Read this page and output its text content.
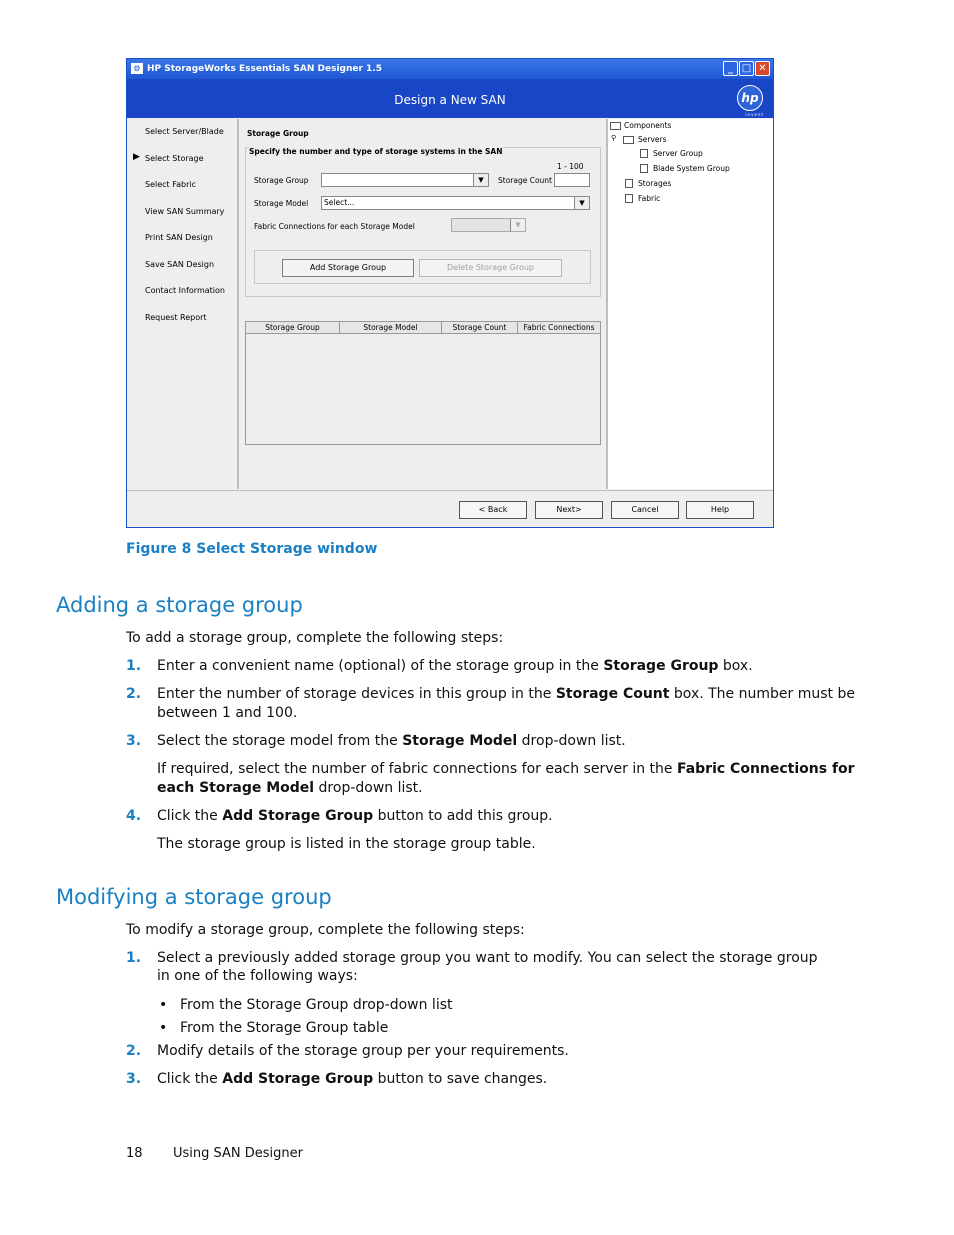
⚙ HP StorageWorks Essentials SAN Designer 1.5	_ □ ✕
Design a New SAN	hp
invent
Select Server/Blade
▶ Select Storage
Select Fabric
View SAN Summary
Print SAN Design
Save SAN Design
Contact Information
Request Report
Storage Group
Specify the number and type of storage systems in the SAN
1 - 100
Storage Group	▼	Storage Count
Storage Model	Select...	▼
Fabric Connections for each Storage Model	▼
Add Storage Group	Delete Storage Group
Storage Group	Storage Model	Storage Count	Fabric Connections
Components
⚲	Servers
Server Group
Blade System Group
Storages
Fabric
< Back	Next>	Cancel	Help
Figure 8 Select Storage window
Adding a storage group
To add a storage group, complete the following steps:
1. Enter a convenient name (optional) of the storage group in the Storage Group box.
2. Enter the number of storage devices in this group in the Storage Count box. The number must be
between 1 and 100.
3. Select the storage model from the Storage Model drop-down list.
If required, select the number of fabric connections for each server in the Fabric Connections for
each Storage Model drop-down list.
4. Click the Add Storage Group button to add this group.
The storage group is listed in the storage group table.
Modifying a storage group
To modify a storage group, complete the following steps:
1. Select a previously added storage group you want to modify. You can select the storage group
in one of the following ways:
• From the Storage Group drop-down list
• From the Storage Group table
2. Modify details of the storage group per your requirements.
3. Click the Add Storage Group button to save changes.
18 Using SAN Designer
